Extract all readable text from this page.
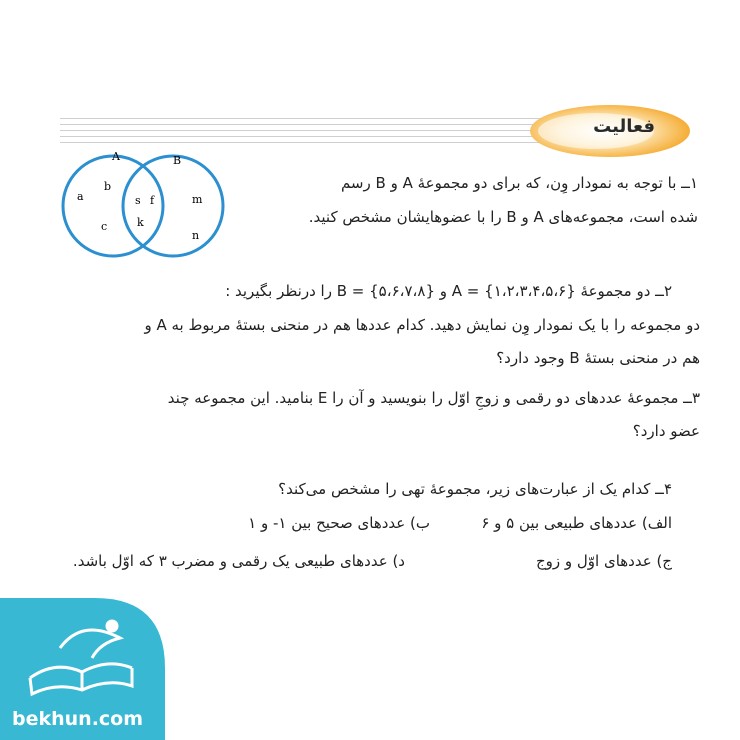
فعالیت
A	B
a
b
c
s f
k
m
n
۱ــ با توجه به نمودار وِن، که برای دو مجموعهٔ A و B رسم
شده است، مجموعه‌های A و B را با عضوهایشان مشخص کنید.
۲ــ دو مجموعهٔ {۱،۲،۳،۴،۵،۶} = A و {۵،۶،۷،۸} = B را درنظر بگیرید :
دو مجموعه را با یک نمودار وِن نمایش دهید. کدام عددها هم در منحنی بستهٔ مربوط به A و
هم در منحنی بستهٔ B وجود دارد؟
۳ــ مجموعهٔ عددهای دو رقمی و زوجِ اوّل را بنویسید و آن را E بنامید. این مجموعه چند
عضو دارد؟
۴ــ کدام یک از عبارت‌های زیر، مجموعهٔ تهی را مشخص می‌کند؟
الف) عددهای طبیعی بین ۵ و ۶
ب) عددهای صحیح بین ۱- و ۱
ج) عددهای اوّل و زوج
د) عددهای طبیعی یک رقمی و مضرب ۳ که اوّل باشد.
bekhun.com
